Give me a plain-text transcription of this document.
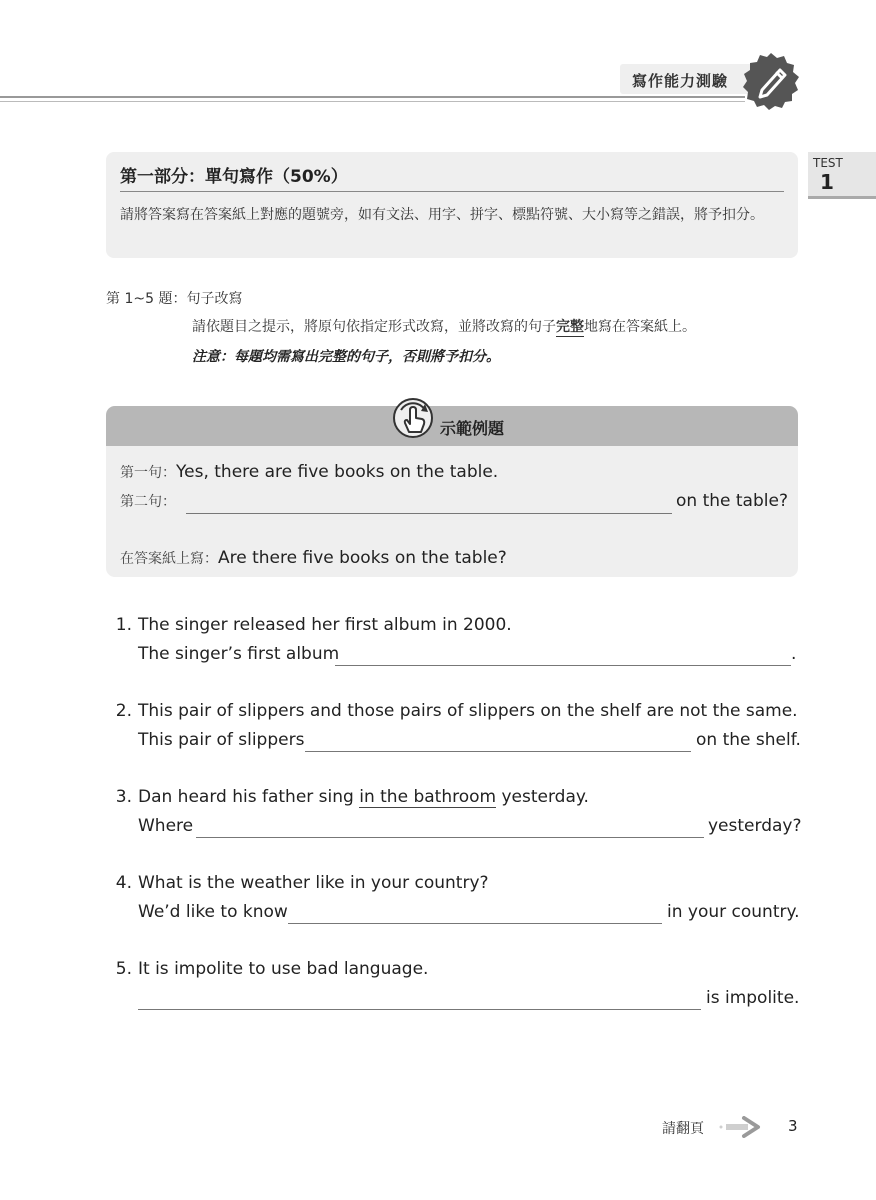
寫作能力測驗
TEST
1
第一部分：單句寫作（50%）
請將答案寫在答案紙上對應的題號旁，如有文法、用字、拼字、標點符號、大小寫等之錯誤，將予扣分。
第 1~5 題：句子改寫
請依題目之提示，將原句依指定形式改寫，並將改寫的句子完整地寫在答案紙上。
注意：每題均需寫出完整的句子，否則將予扣分。
示範例題
第一句：Yes, there are five books on the table.
第二句：	on the table?
在答案紙上寫：Are there five books on the table?
1. The singer released her first album in 2000.
The singer’s first album	.
2. This pair of slippers and those pairs of slippers on the shelf are not the same.
This pair of slippers	on the shelf.
3. Dan heard his father sing in the bathroom yesterday.
Where	yesterday?
4. What is the weather like in your country?
We’d like to know	in your country.
5. It is impolite to use bad language.
is impolite.
請翻頁	3
